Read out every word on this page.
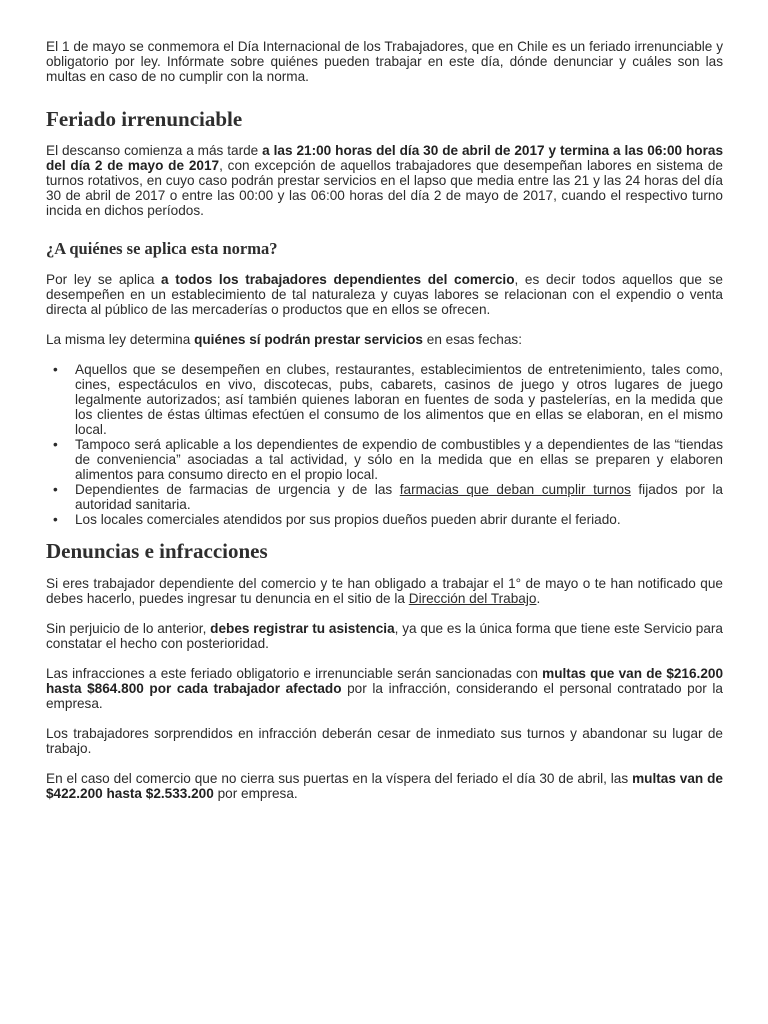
El 1 de mayo se conmemora el Día Internacional de los Trabajadores, que en Chile es un feriado irrenunciable y obligatorio por ley. Infórmate sobre quiénes pueden trabajar en este día, dónde denunciar y cuáles son las multas en caso de no cumplir con la norma.

Feriado irrenunciable

El descanso comienza a más tarde a las 21:00 horas del día 30 de abril de 2017 y termina a las 06:00 horas del día 2 de mayo de 2017, con excepción de aquellos trabajadores que desempeñan labores en sistema de turnos rotativos, en cuyo caso podrán prestar servicios en el lapso que media entre las 21 y las 24 horas del día 30 de abril de 2017 o entre las 00:00 y las 06:00 horas del día 2 de mayo de 2017, cuando el respectivo turno incida en dichos períodos.

¿A quiénes se aplica esta norma?

Por ley se aplica a todos los trabajadores dependientes del comercio, es decir todos aquellos que se desempeñen en un establecimiento de tal naturaleza y cuyas labores se relacionan con el expendio o venta directa al público de las mercaderías o productos que en ellos se ofrecen.

La misma ley determina quiénes sí podrán prestar servicios en esas fechas:

• Aquellos que se desempeñen en clubes, restaurantes, establecimientos de entretenimiento, tales como, cines, espectáculos en vivo, discotecas, pubs, cabarets, casinos de juego y otros lugares de juego legalmente autorizados; así también quienes laboran en fuentes de soda y pastelerías, en la medida que los clientes de éstas últimas efectúen el consumo de los alimentos que en ellas se elaboran, en el mismo local.
• Tampoco será aplicable a los dependientes de expendio de combustibles y a dependientes de las “tiendas de conveniencia” asociadas a tal actividad, y sólo en la medida que en ellas se preparen y elaboren alimentos para consumo directo en el propio local.
• Dependientes de farmacias de urgencia y de las farmacias que deban cumplir turnos fijados por la autoridad sanitaria.
• Los locales comerciales atendidos por sus propios dueños pueden abrir durante el feriado.
Denuncias e infracciones

Si eres trabajador dependiente del comercio y te han obligado a trabajar el 1° de mayo o te han notificado que debes hacerlo, puedes ingresar tu denuncia en el sitio de la Dirección del Trabajo.

Sin perjuicio de lo anterior, debes registrar tu asistencia, ya que es la única forma que tiene este Servicio para constatar el hecho con posterioridad.

Las infracciones a este feriado obligatorio e irrenunciable serán sancionadas con multas que van de $216.200 hasta $864.800 por cada trabajador afectado por la infracción, considerando el personal contratado por la empresa.

Los trabajadores sorprendidos en infracción deberán cesar de inmediato sus turnos y abandonar su lugar de trabajo.

En el caso del comercio que no cierra sus puertas en la víspera del feriado el día 30 de abril, las multas van de $422.200 hasta $2.533.200 por empresa.
